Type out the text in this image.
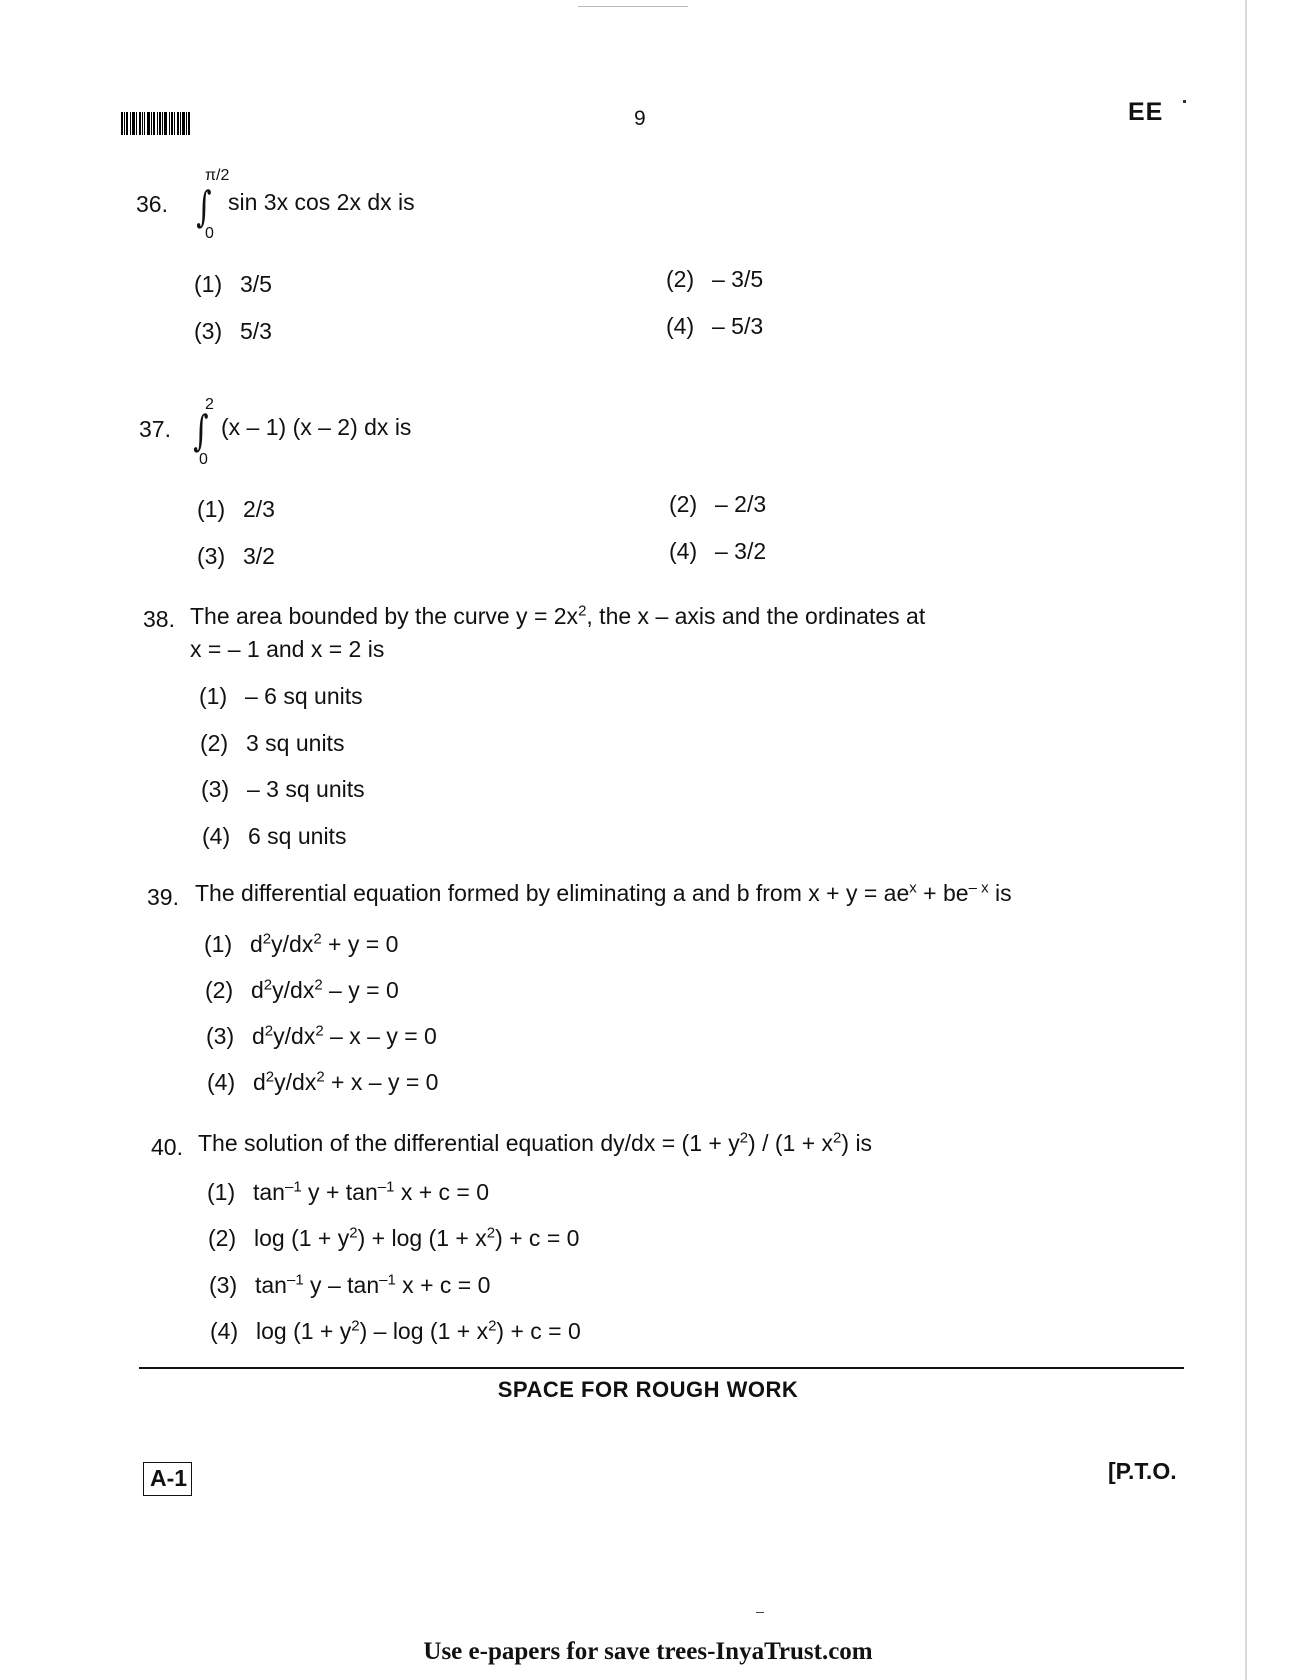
9	EE
36.
π/2
∫
0
sin 3x cos 2x dx is
(1) 3/5	(2) – 3/5
(3) 5/3	(4) – 5/3
37.
2
∫
0
(x – 1) (x – 2) dx is
(1) 2/3	(2) – 2/3
(3) 3/2	(4) – 3/2
38. The area bounded by the curve $y = 2x^2$, the x – axis and the ordinates at
x = – 1 and x = 2 is
(1) – 6 sq units
(2) 3 sq units
(3) – 3 sq units
(4) 6 sq units
39. The differential equation formed by eliminating a and b from $x + y = ae^x + be^{- x}$ is
(1) $d^2y/dx^2 + y = 0$
(2) $d^2y/dx^2 - y = 0$
(3) $d^2y/dx^2 - x - y = 0$
(4) $d^2y/dx^2 + x - y = 0$
40. The solution of the differential equation $dy/dx = (1 + y^2) / (1 + x^2)$ is
(1) $\tan^{-1} y + \tan^{-1} x + c = 0$
(2) $\log (1 + y^2) + \log (1 + x^2) + c = 0$
(3) $\tan^{-1} y - \tan^{-1} x + c = 0$
(4) $\log (1 + y^2) - \log (1 + x^2) + c = 0$
SPACE FOR ROUGH WORK
A-1	[P.T.O.
Use e-papers for save trees-InyaTrust.com
